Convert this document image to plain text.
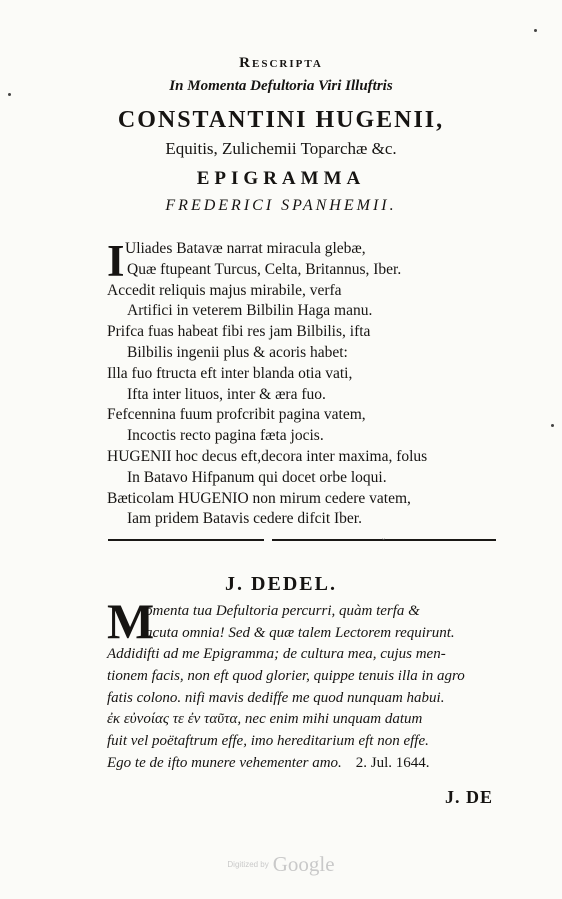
Rescripta
In Momenta Defultoria Viri Illuftris
CONSTANTINI HUGENII,
Equitis, Zulichemii Toparchæ &c.
EPIGRAMMA
FREDERICI SPANHEMII.
I Uliades Batavæ narrat miracula glebæ,
Quæ ftupeant Turcus, Celta, Britannus, Iber.
Accedit reliquis majus mirabile, verfa
Artifici in veterem Bilbilin Haga manu.
Prifca fuas habeat fibi res jam Bilbilis, ifta
Bilbilis ingenii plus & acoris habet:
Illa fuo ftructa eft inter blanda otia vati,
Ifta inter lituos, inter & æra fuo.
Fefcennina fuum profcribit pagina vatem,
Incoctis recto pagina fæta jocis.
HUGENII hoc decus eft,decora inter maxima, folus
In Batavo Hifpanum qui docet orbe loqui.
Bæticolam HUGENIO non mirum cedere vatem,
Iam pridem Batavis cedere difcit Iber.
ˇ
J. DEDEL.
M
omenta tua Defultoria percurri, quàm terfa &
acuta omnia! Sed & quæ talem Lectorem requirunt.
Addidifti ad me Epigramma; de cultura mea, cujus men-
tionem facis, non eft quod glorier, quippe tenuis illa in agro
fatis colono. nifi mavis dediffe me quod nunquam habui.
ἐκ εὐνοίας τε ἐν ταῦτα, nec enim mihi unquam datum
fuit vel poëtaftrum effe, imo hereditarium eft non effe.
Ego te de ifto munere vehementer amo. 2. Jul. 1644.
J. DE
Digitized by Google
